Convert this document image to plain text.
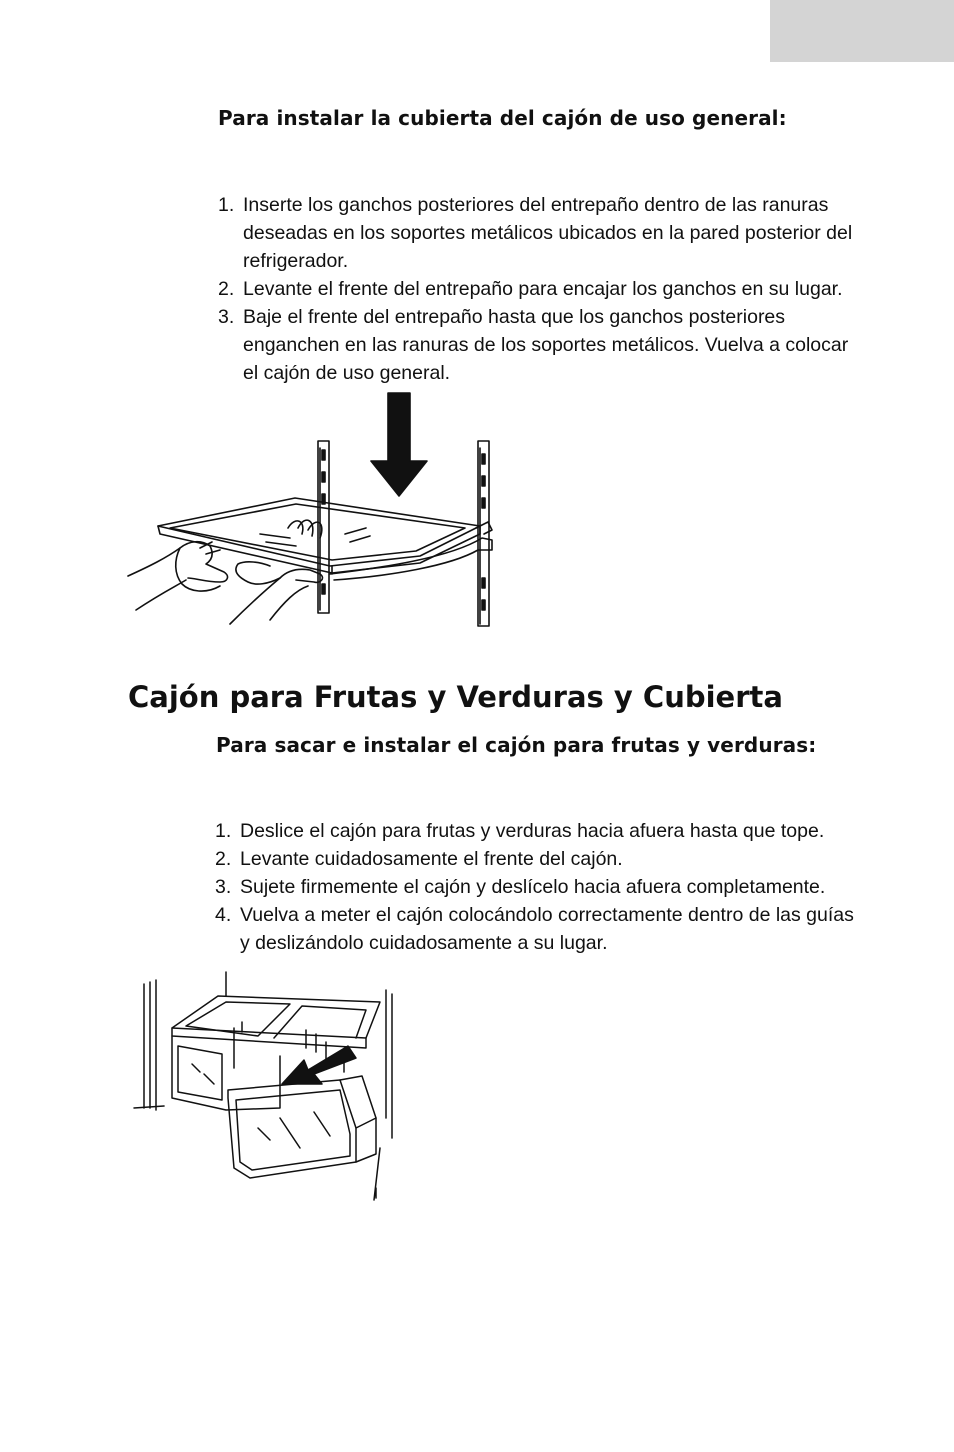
Para instalar la cubierta del cajón de uso general:
1. Inserte los ganchos posteriores del entrepaño dentro de las ranuras
deseadas en los soportes metálicos ubicados en la pared posterior del
refrigerador.
2. Levante el frente del entrepaño para encajar los ganchos en su lugar.
3. Baje el frente del entrepaño hasta que los ganchos posteriores
enganchen en las ranuras de los soportes metálicos. Vuelva a colocar
el cajón de uso general.
Cajón para Frutas y Verduras y Cubierta
Para sacar e instalar el cajón para frutas y verduras:
1. Deslice el cajón para frutas y verduras hacia afuera hasta que tope.
2. Levante cuidadosamente el frente del cajón.
3. Sujete firmemente el cajón y deslícelo hacia afuera completamente.
4. Vuelva a meter el cajón colocándolo correctamente dentro de las guías
y deslizándolo cuidadosamente a su lugar.
